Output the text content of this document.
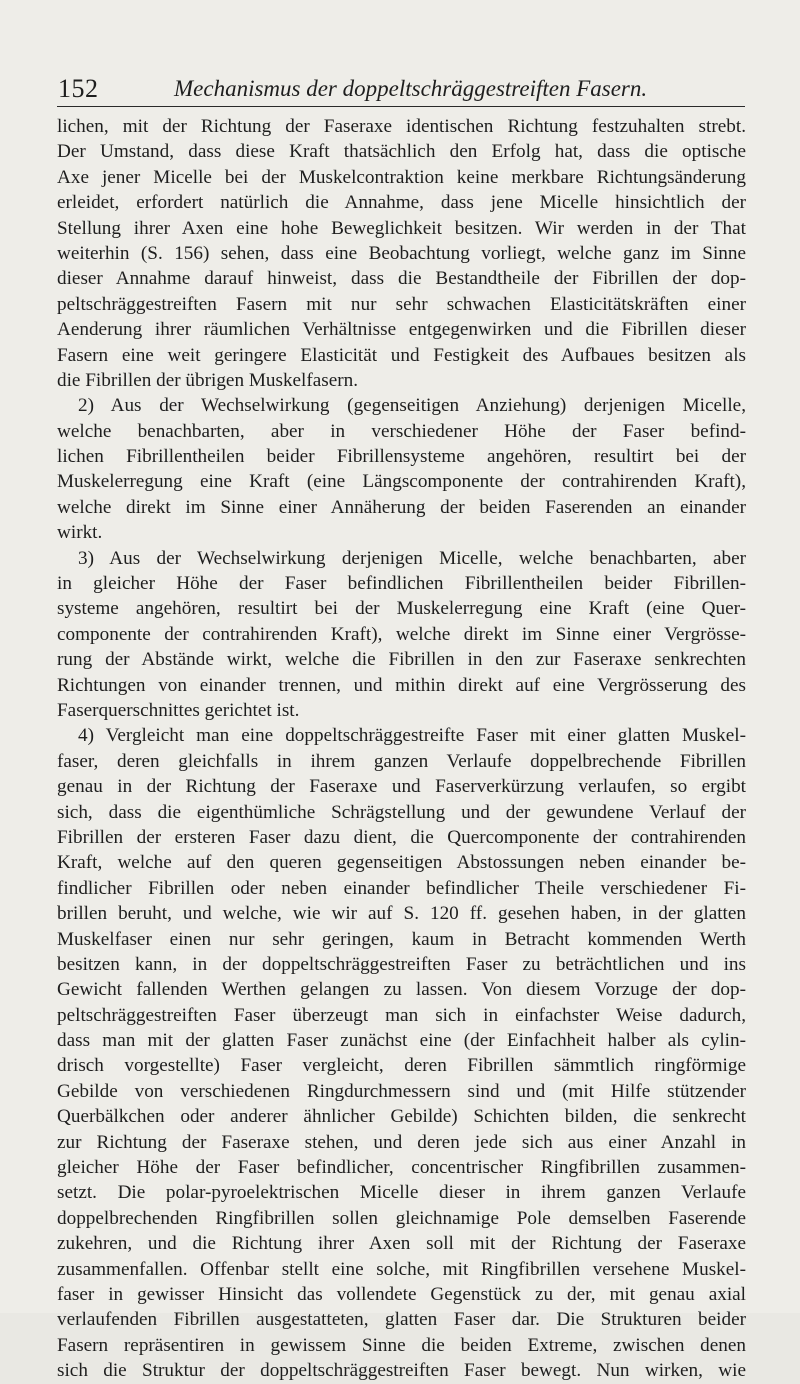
152	Mechanismus der doppeltschräggestreiften Fasern.
lichen, mit der Richtung der Faseraxe identischen Richtung festzuhalten strebt.
Der Umstand, dass diese Kraft thatsächlich den Erfolg hat, dass die optische
Axe jener Micelle bei der Muskelcontraktion keine merkbare Richtungsänderung
erleidet, erfordert natürlich die Annahme, dass jene Micelle hinsichtlich der
Stellung ihrer Axen eine hohe Beweglichkeit besitzen. Wir werden in der That
weiterhin (S. 156) sehen, dass eine Beobachtung vorliegt, welche ganz im Sinne
dieser Annahme darauf hinweist, dass die Bestandtheile der Fibrillen der dop-
peltschräggestreiften Fasern mit nur sehr schwachen Elasticitätskräften einer
Aenderung ihrer räumlichen Verhältnisse entgegenwirken und die Fibrillen dieser
Fasern eine weit geringere Elasticität und Festigkeit des Aufbaues besitzen als
die Fibrillen der übrigen Muskelfasern.
2) Aus der Wechselwirkung (gegenseitigen Anziehung) derjenigen Micelle,
welche benachbarten, aber in verschiedener Höhe der Faser befind-
lichen Fibrillentheilen beider Fibrillensysteme angehören, resultirt bei der
Muskelerregung eine Kraft (eine Längscomponente der contrahirenden Kraft),
welche direkt im Sinne einer Annäherung der beiden Faserenden an einander
wirkt.
3) Aus der Wechselwirkung derjenigen Micelle, welche benachbarten, aber
in gleicher Höhe der Faser befindlichen Fibrillentheilen beider Fibrillen-
systeme angehören, resultirt bei der Muskelerregung eine Kraft (eine Quer-
componente der contrahirenden Kraft), welche direkt im Sinne einer Vergrösse-
rung der Abstände wirkt, welche die Fibrillen in den zur Faseraxe senkrechten
Richtungen von einander trennen, und mithin direkt auf eine Vergrösserung des
Faserquerschnittes gerichtet ist.
4) Vergleicht man eine doppeltschräggestreifte Faser mit einer glatten Muskel-
faser, deren gleichfalls in ihrem ganzen Verlaufe doppelbrechende Fibrillen
genau in der Richtung der Faseraxe und Faserverkürzung verlaufen, so ergibt
sich, dass die eigenthümliche Schrägstellung und der gewundene Verlauf der
Fibrillen der ersteren Faser dazu dient, die Quercomponente der contrahirenden
Kraft, welche auf den queren gegenseitigen Abstossungen neben einander be-
findlicher Fibrillen oder neben einander befindlicher Theile verschiedener Fi-
brillen beruht, und welche, wie wir auf S. 120 ff. gesehen haben, in der glatten
Muskelfaser einen nur sehr geringen, kaum in Betracht kommenden Werth
besitzen kann, in der doppeltschräggestreiften Faser zu beträchtlichen und ins
Gewicht fallenden Werthen gelangen zu lassen. Von diesem Vorzuge der dop-
peltschräggestreiften Faser überzeugt man sich in einfachster Weise dadurch,
dass man mit der glatten Faser zunächst eine (der Einfachheit halber als cylin-
drisch vorgestellte) Faser vergleicht, deren Fibrillen sämmtlich ringförmige
Gebilde von verschiedenen Ringdurchmessern sind und (mit Hilfe stützender
Querbälkchen oder anderer ähnlicher Gebilde) Schichten bilden, die senkrecht
zur Richtung der Faseraxe stehen, und deren jede sich aus einer Anzahl in
gleicher Höhe der Faser befindlicher, concentrischer Ringfibrillen zusammen-
setzt. Die polar-pyroelektrischen Micelle dieser in ihrem ganzen Verlaufe
doppelbrechenden Ringfibrillen sollen gleichnamige Pole demselben Faserende
zukehren, und die Richtung ihrer Axen soll mit der Richtung der Faseraxe
zusammenfallen. Offenbar stellt eine solche, mit Ringfibrillen versehene Muskel-
faser in gewisser Hinsicht das vollendete Gegenstück zu der, mit genau axial
verlaufenden Fibrillen ausgestatteten, glatten Faser dar. Die Strukturen beider
Fasern repräsentiren in gewissem Sinne die beiden Extreme, zwischen denen
sich die Struktur der doppeltschräggestreiften Faser bewegt. Nun wirken, wie
